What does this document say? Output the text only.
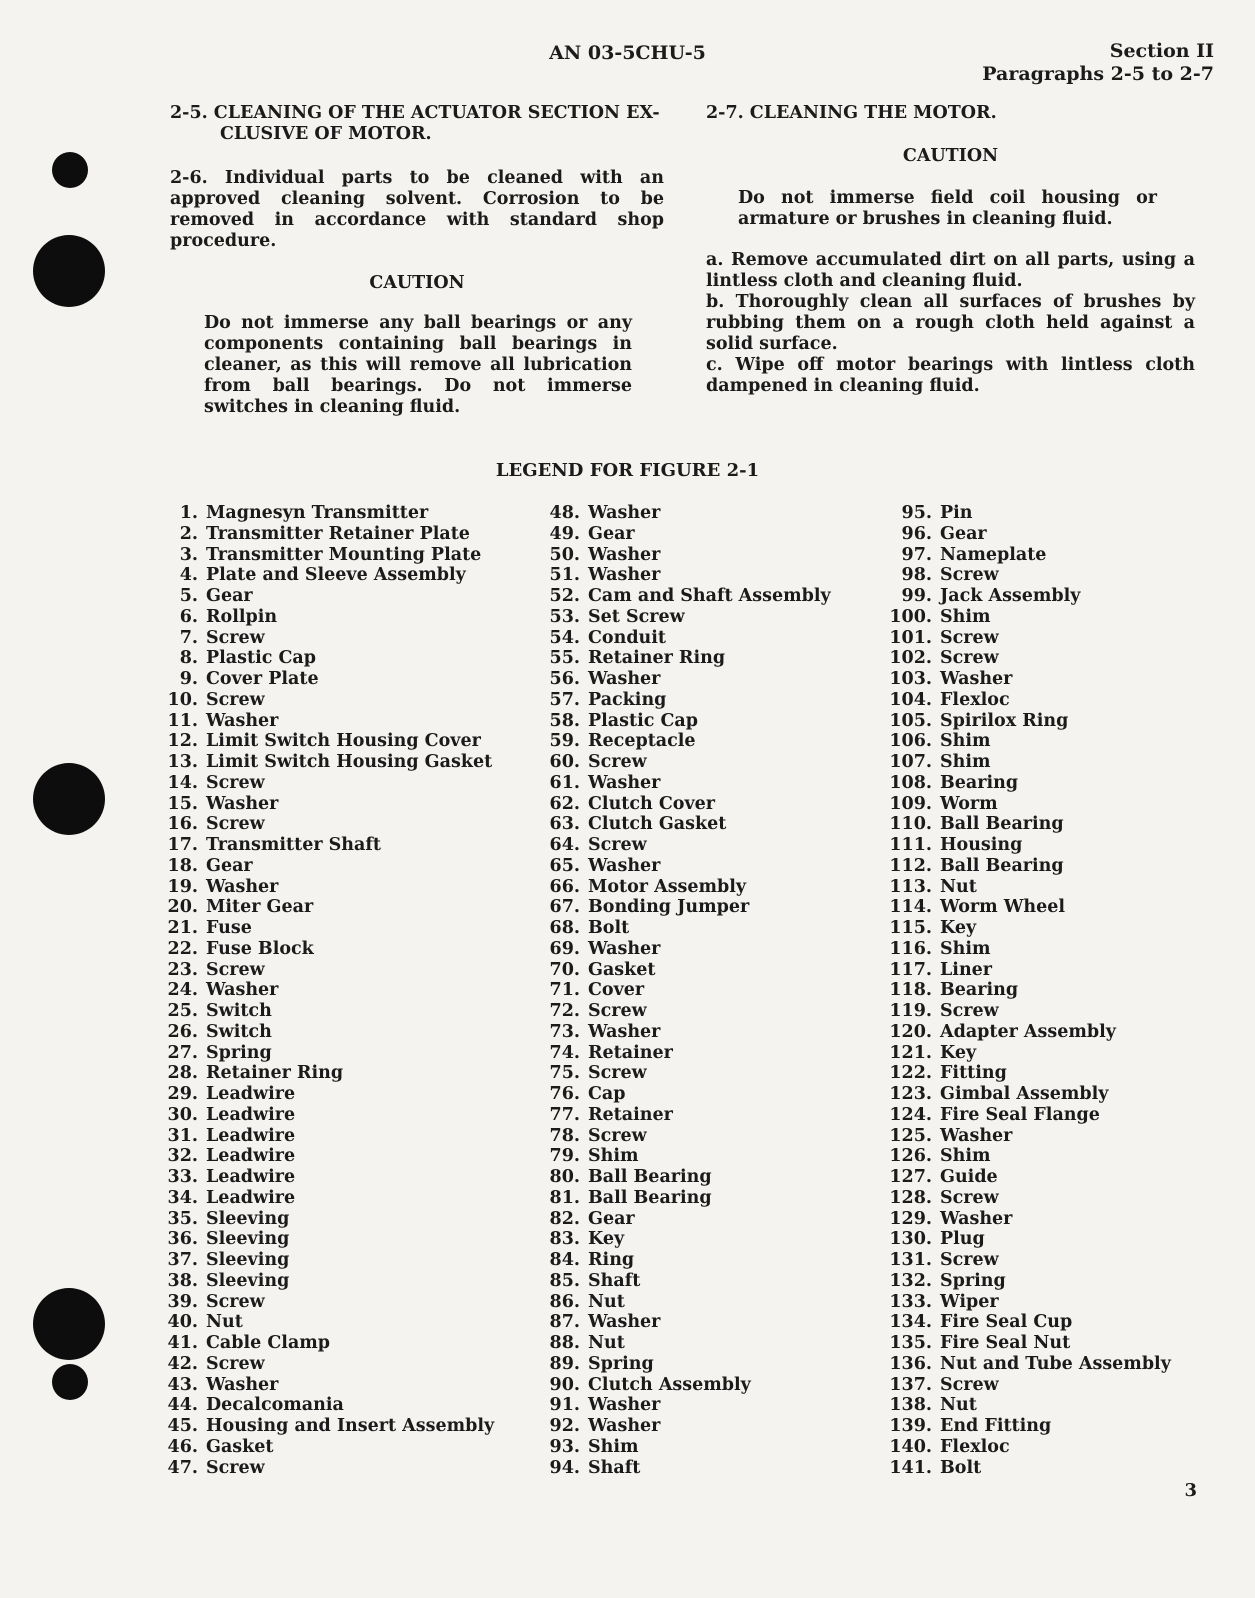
AN 03-5CHU-5	Section II
Paragraphs 2-5 to 2-7

2-5. CLEANING OF THE ACTUATOR SECTION EX-
CLUSIVE OF MOTOR.

2-6. Individual parts to be cleaned with an approved cleaning solvent. Corrosion to be removed in accordance with standard shop procedure.

CAUTION

Do not immerse any ball bearings or any components containing ball bearings in cleaner, as this will remove all lubrication from ball bearings. Do not immerse switches in cleaning fluid.

2-7. CLEANING THE MOTOR.

CAUTION

Do not immerse field coil housing or armature or brushes in cleaning fluid.

a. Remove accumulated dirt on all parts, using a lintless cloth and cleaning fluid.

b. Thoroughly clean all surfaces of brushes by rubbing them on a rough cloth held against a solid surface.

c. Wipe off motor bearings with lintless cloth dampened in cleaning fluid.

LEGEND FOR FIGURE 2-1
1. Magnesyn Transmitter
2. Transmitter Retainer Plate
3. Transmitter Mounting Plate
4. Plate and Sleeve Assembly
5. Gear
6. Rollpin
7. Screw
8. Plastic Cap
9. Cover Plate
10. Screw
11. Washer
12. Limit Switch Housing Cover
13. Limit Switch Housing Gasket
14. Screw
15. Washer
16. Screw
17. Transmitter Shaft
18. Gear
19. Washer
20. Miter Gear
21. Fuse
22. Fuse Block
23. Screw
24. Washer
25. Switch
26. Switch
27. Spring
28. Retainer Ring
29. Leadwire
30. Leadwire
31. Leadwire
32. Leadwire
33. Leadwire
34. Leadwire
35. Sleeving
36. Sleeving
37. Sleeving
38. Sleeving
39. Screw
40. Nut
41. Cable Clamp
42. Screw
43. Washer
44. Decalcomania
45. Housing and Insert Assembly
46. Gasket
47. Screw
48. Washer
49. Gear
50. Washer
51. Washer
52. Cam and Shaft Assembly
53. Set Screw
54. Conduit
55. Retainer Ring
56. Washer
57. Packing
58. Plastic Cap
59. Receptacle
60. Screw
61. Washer
62. Clutch Cover
63. Clutch Gasket
64. Screw
65. Washer
66. Motor Assembly
67. Bonding Jumper
68. Bolt
69. Washer
70. Gasket
71. Cover
72. Screw
73. Washer
74. Retainer
75. Screw
76. Cap
77. Retainer
78. Screw
79. Shim
80. Ball Bearing
81. Ball Bearing
82. Gear
83. Key
84. Ring
85. Shaft
86. Nut
87. Washer
88. Nut
89. Spring
90. Clutch Assembly
91. Washer
92. Washer
93. Shim
94. Shaft
95. Pin
96. Gear
97. Nameplate
98. Screw
99. Jack Assembly
100. Shim
101. Screw
102. Screw
103. Washer
104. Flexloc
105. Spirilox Ring
106. Shim
107. Shim
108. Bearing
109. Worm
110. Ball Bearing
111. Housing
112. Ball Bearing
113. Nut
114. Worm Wheel
115. Key
116. Shim
117. Liner
118. Bearing
119. Screw
120. Adapter Assembly
121. Key
122. Fitting
123. Gimbal Assembly
124. Fire Seal Flange
125. Washer
126. Shim
127. Guide
128. Screw
129. Washer
130. Plug
131. Screw
132. Spring
133. Wiper
134. Fire Seal Cup
135. Fire Seal Nut
136. Nut and Tube Assembly
137. Screw
138. Nut
139. End Fitting
140. Flexloc
141. Bolt
3
